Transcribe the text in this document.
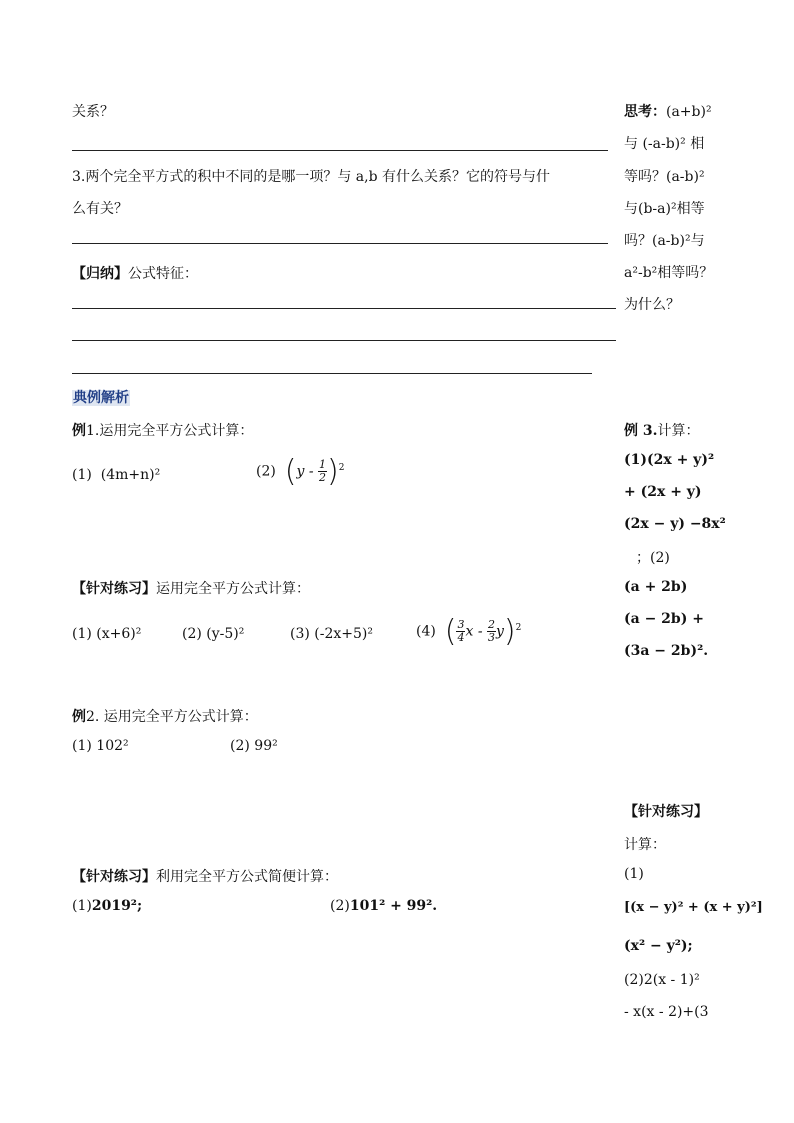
关系？
3.两个完全平方式的积中不同的是哪一项？与 a,b 有什么关系？它的符号与什
么有关？
【归纳】公式特征：
思考：(a+b)²
与 (-a-b)² 相
等吗？(a-b)²
与(b-a)²相等
吗？(a-b)²与
a²-b²相等吗？
为什么？
典例解析
例1.运用完全平方公式计算：
(1) (4m+n)²	(2) $(y - \frac{1}{2} )^2$
例 3.计算：
(1)(2x + y)²
+ (2x + y)
(2x − y) −8x²
；(2)
(a + 2b)
(a − 2b) +
(3a − 2b)².
【针对练习】运用完全平方公式计算：
(1) (x+6)²	(2) (y-5)²	(3) (-2x+5)²	(4) ( $\frac{3}{4}$ x - $\frac{2}{3} y)^2$
例2. 运用完全平方公式计算：
(1) 102²	(2) 99²
【针对练习】
计算：
(1)
[(x − y)² + (x + y)²]
(x² − y²);
(2)2(x - 1)²
- x(x - 2)+(3
【针对练习】利用完全平方公式简便计算：
(1)2019²;	(2)101² + 99².
